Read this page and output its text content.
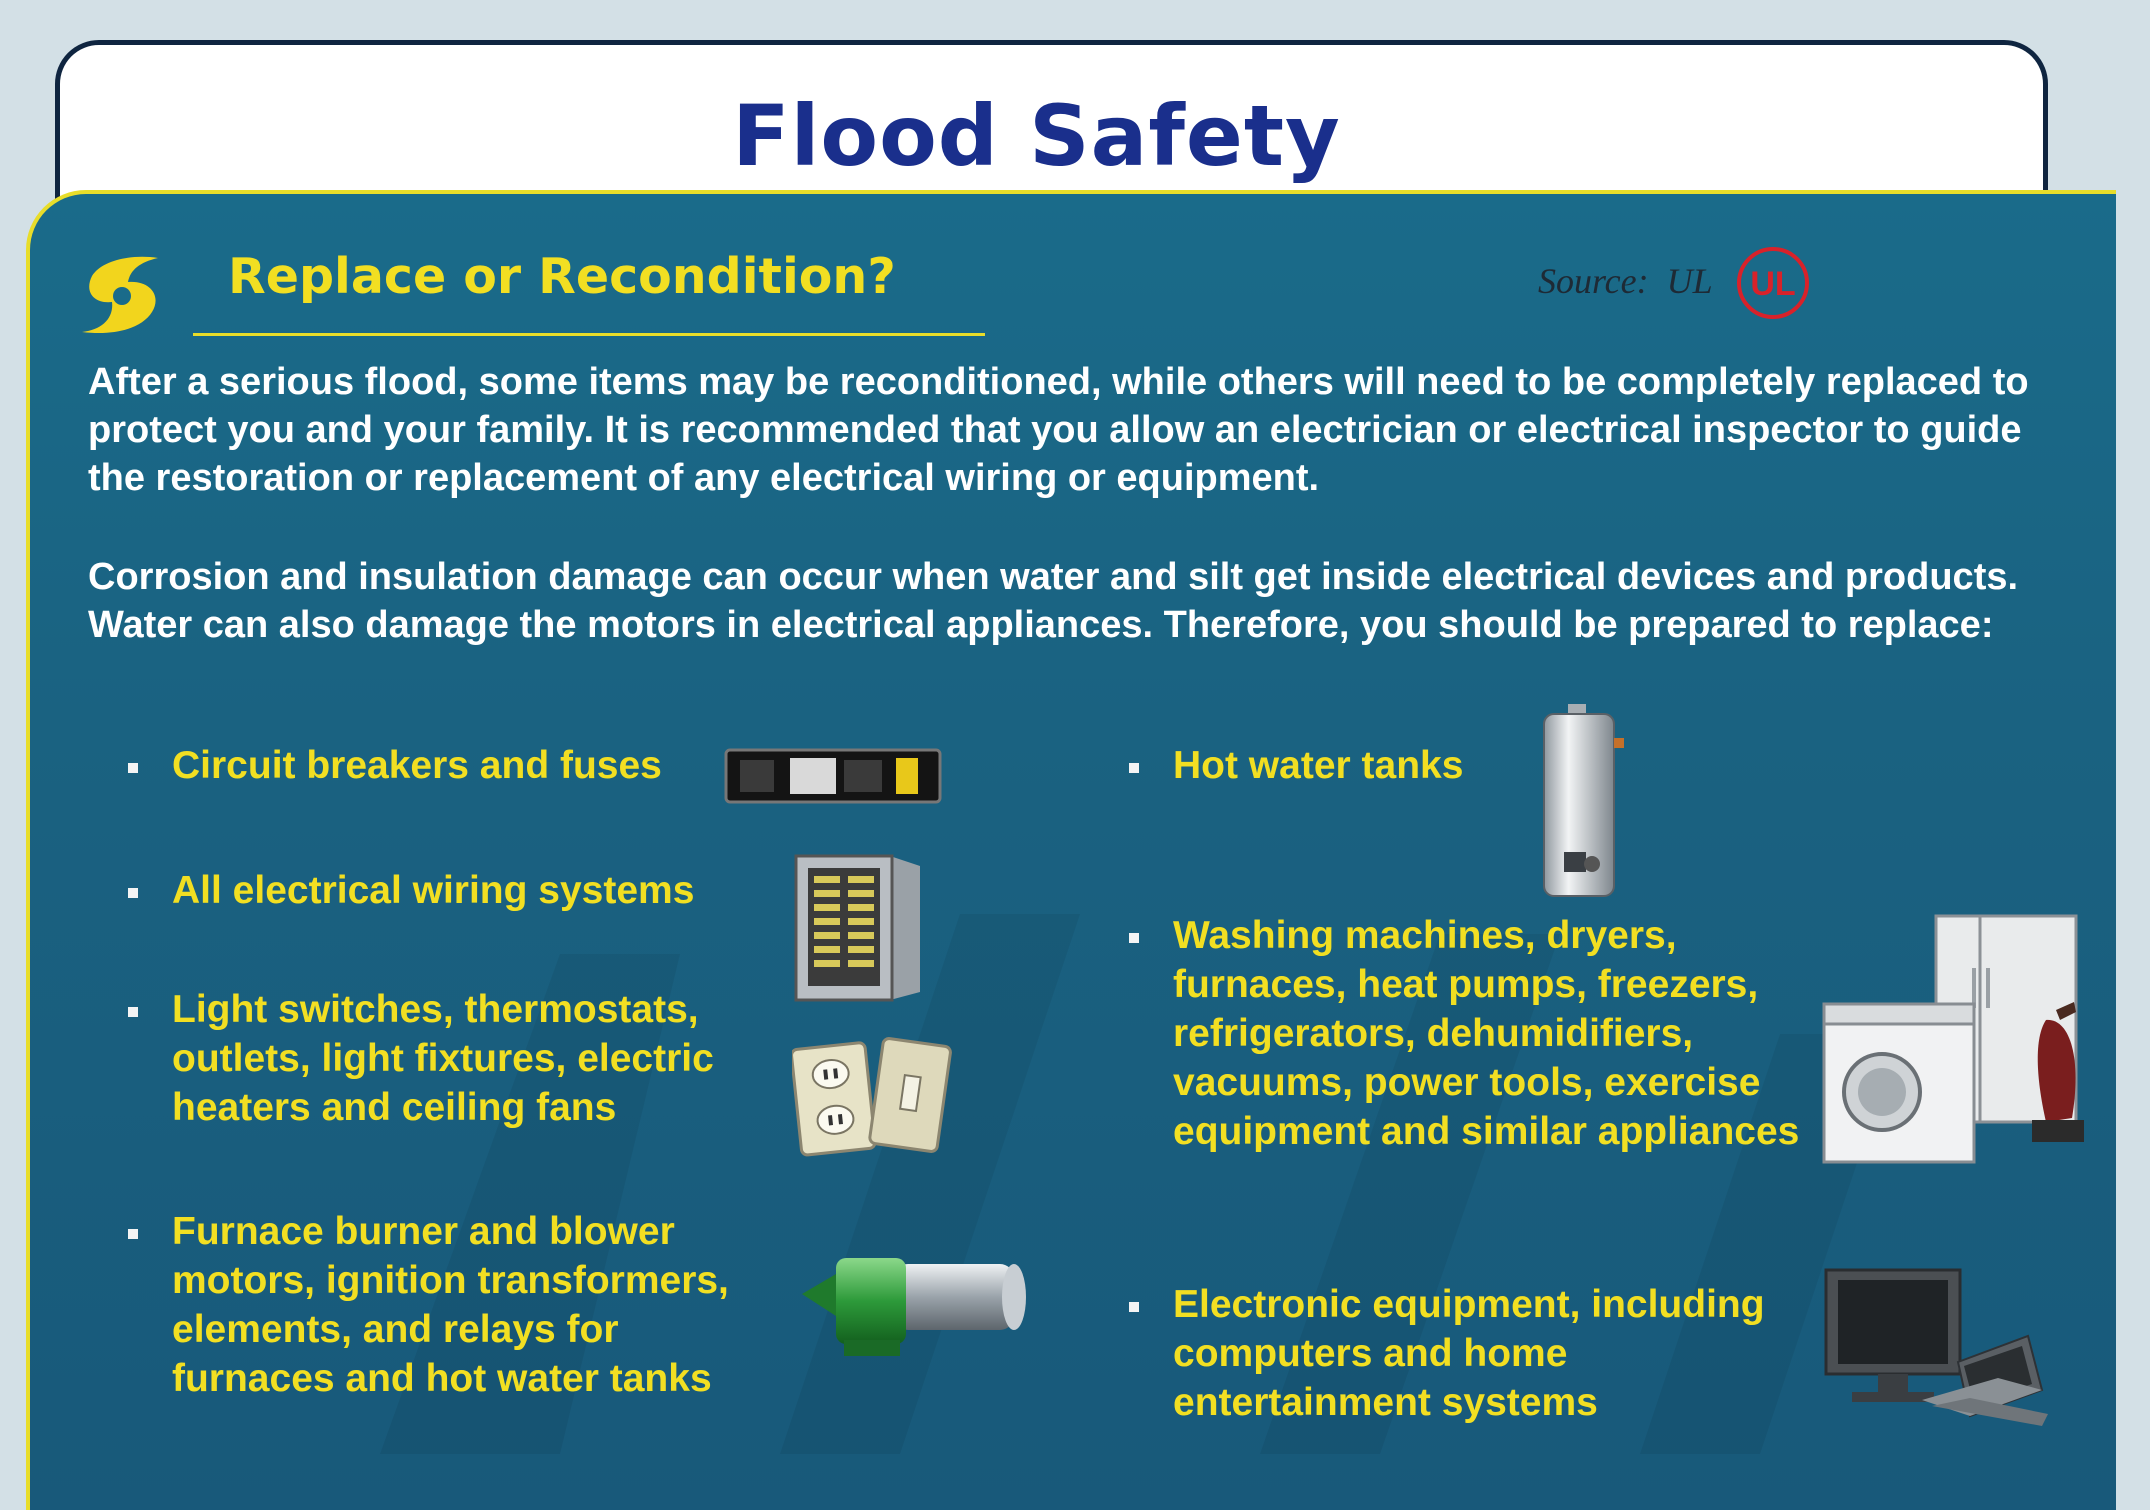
Flood Safety
Replace or Recondition?	Source: UL UL

After a serious flood, some items may be reconditioned, while others will need to be completely replaced to protect you and your family. It is recommended that you allow an electrician or electrical inspector to guide the restoration or replacement of any electrical wiring or equipment.

Corrosion and insulation damage can occur when water and silt get inside electrical devices and products. Water can also damage the motors in electrical appliances. Therefore, you should be prepared to replace:

Circuit breakers and fuses

All electrical wiring systems

Light switches, thermostats, outlets, light fixtures, electric heaters and ceiling fans

Furnace burner and blower motors, ignition transformers, elements, and relays for furnaces and hot water tanks

Hot water tanks

Washing machines, dryers, furnaces, heat pumps, freezers, refrigerators, dehumidifiers, vacuums, power tools, exercise equipment and similar appliances

Electronic equipment, including computers and home entertainment systems
